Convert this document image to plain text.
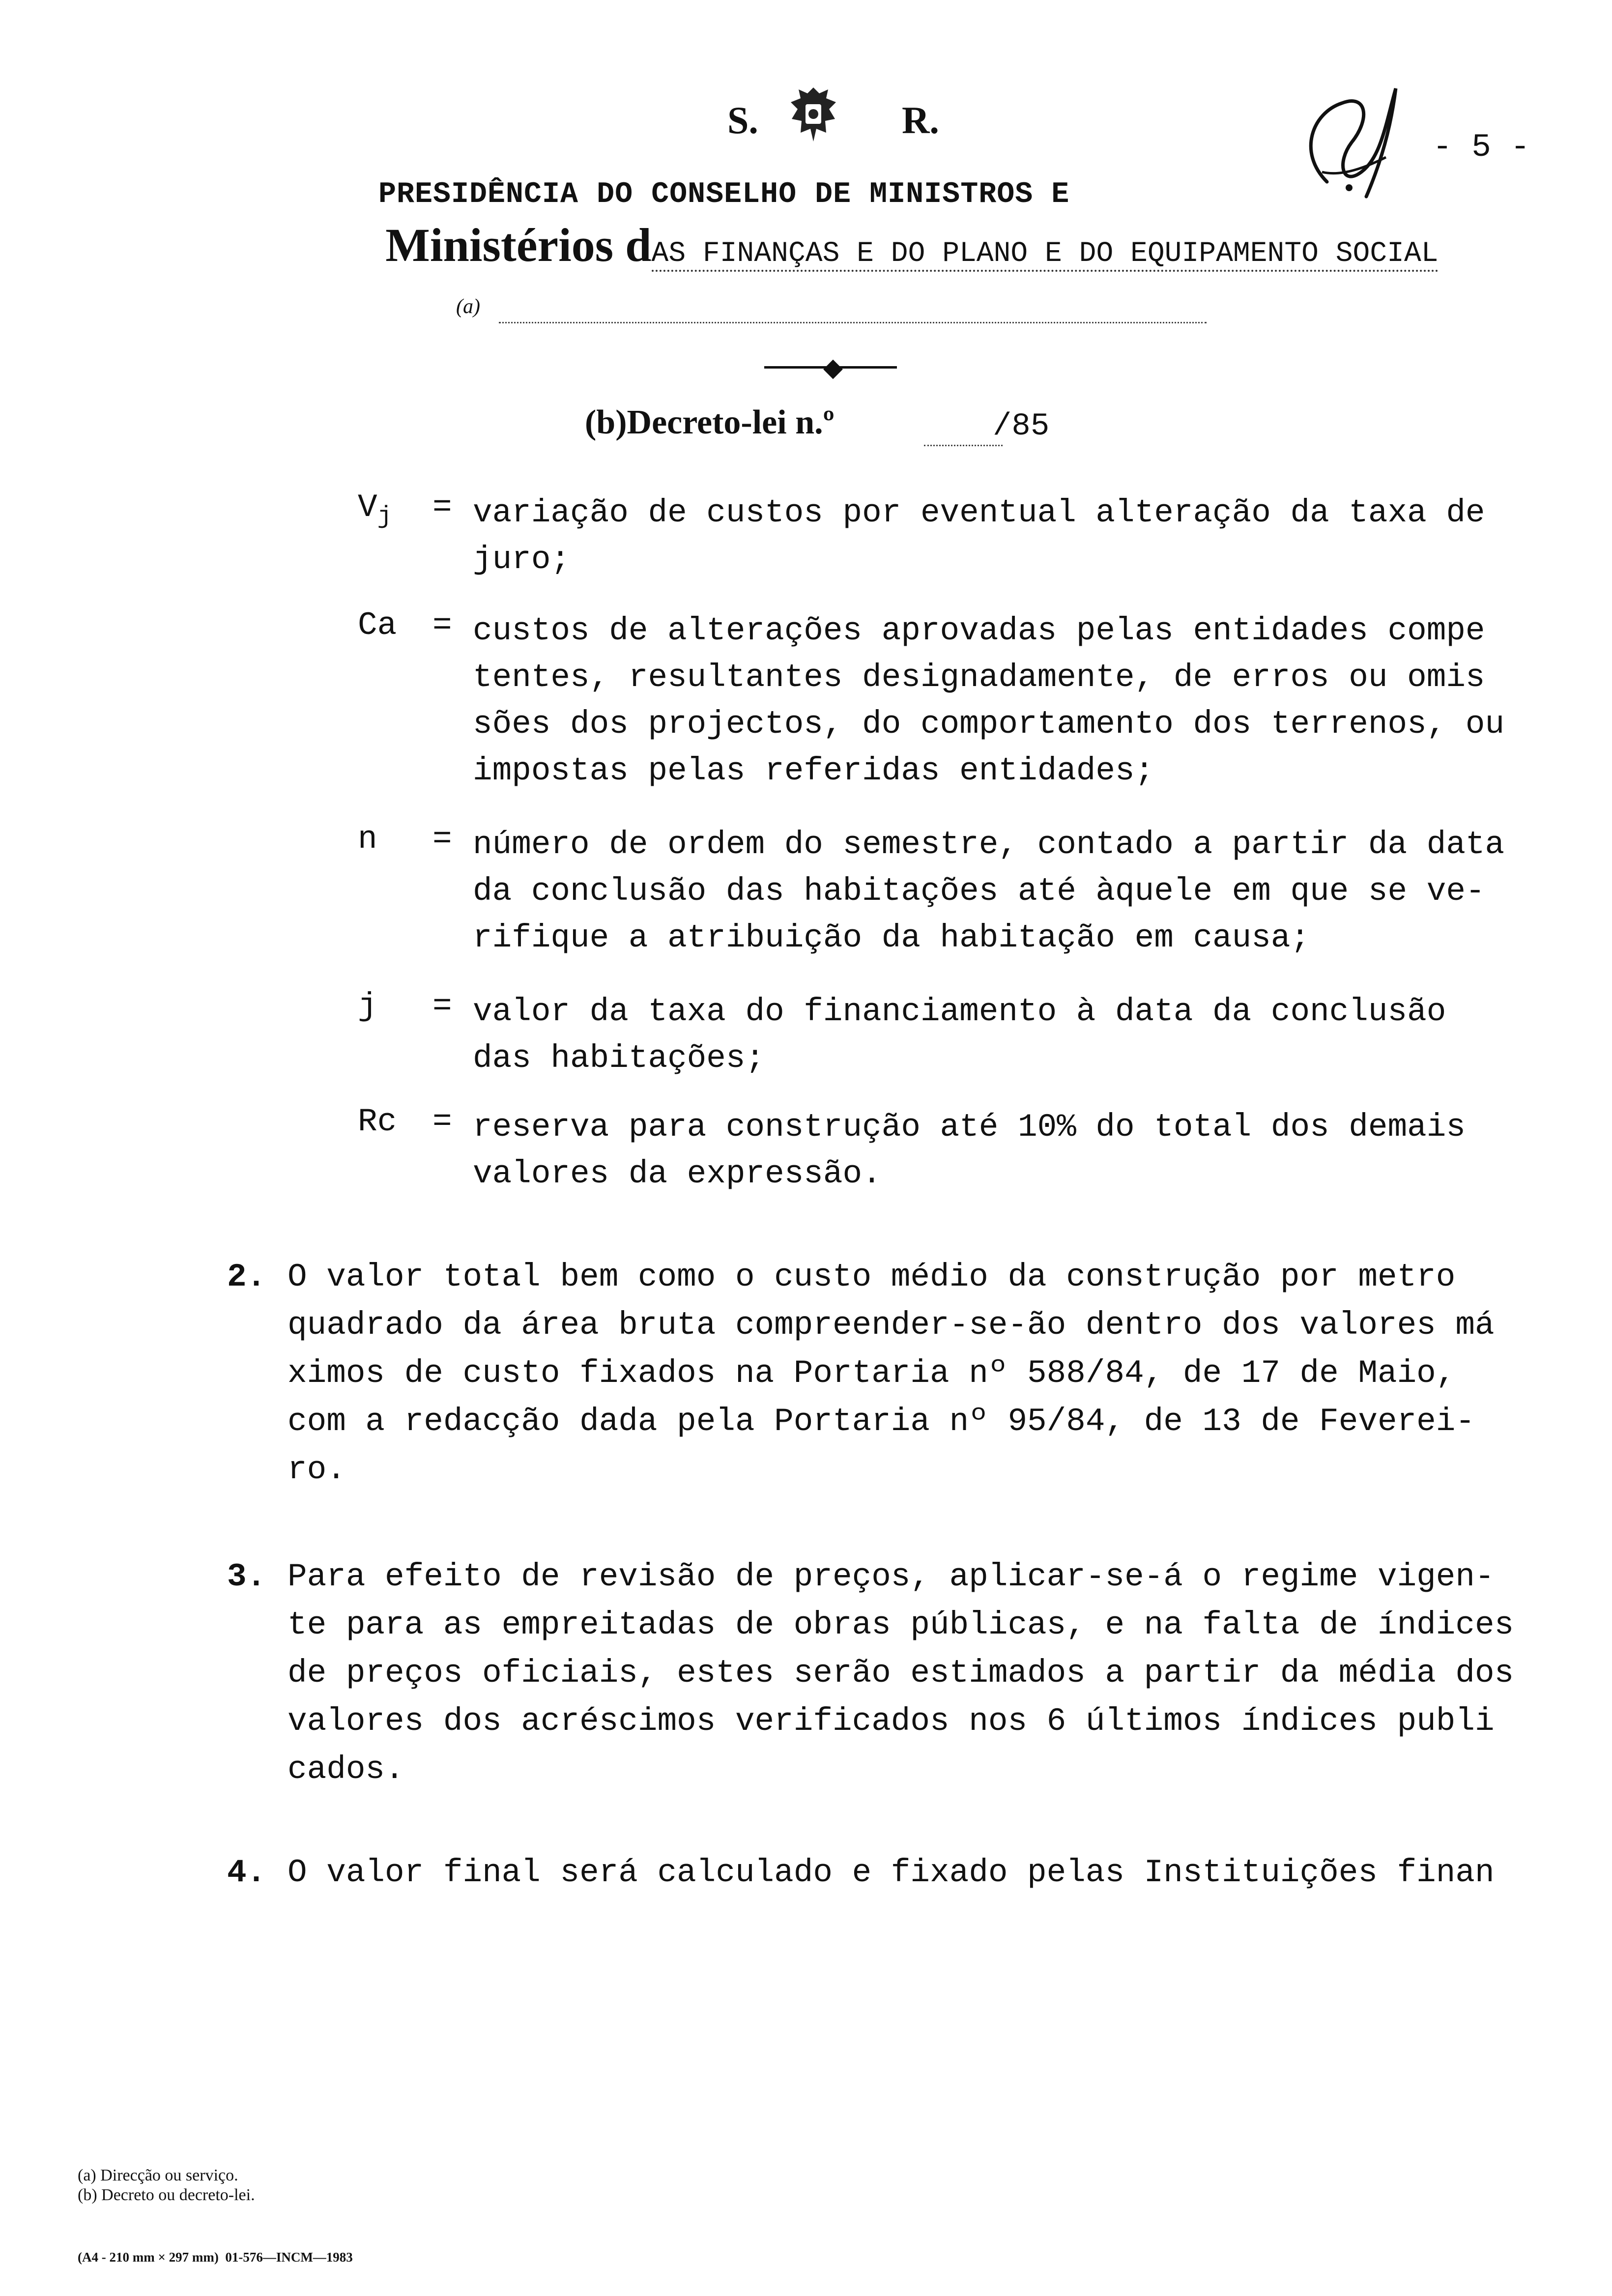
S.	R.
- 5 -
PRESIDÊNCIA DO CONSELHO DE MINISTROS E

Ministérios dAS FINANÇAS E DO PLANO E DO EQUIPAMENTO SOCIAL

(a)
◆
(b)Decreto-lei n.º	/85
$V_j$ = variação de custos por eventual alteração da taxa de
juro;
Ca = custos de alterações aprovadas pelas entidades compe
tentes, resultantes designadamente, de erros ou omis
sões dos projectos, do comportamento dos terrenos, ou
impostas pelas referidas entidades;
n = número de ordem do semestre, contado a partir da data
da conclusão das habitações até àquele em que se ve-
rifique a atribuição da habitação em causa;
j = valor da taxa do financiamento à data da conclusão
das habitações;
Rc = reserva para construção até 10% do total dos demais
valores da expressão.
2. O valor total bem como o custo médio da construção por metro
quadrado da área bruta compreender-se-ão dentro dos valores má
ximos de custo fixados na Portaria nº 588/84, de 17 de Maio,
com a redacção dada pela Portaria nº 95/84, de 13 de Feverei-
ro.
3. Para efeito de revisão de preços, aplicar-se-á o regime vigen-
te para as empreitadas de obras públicas, e na falta de índices
de preços oficiais, estes serão estimados a partir da média dos
valores dos acréscimos verificados nos 6 últimos índices publi
cados.
4. O valor final será calculado e fixado pelas Instituições finan
(a) Direcção ou serviço.
(b) Decreto ou decreto-lei.
(A4 - 210 mm × 297 mm)  01-576—INCM—1983
